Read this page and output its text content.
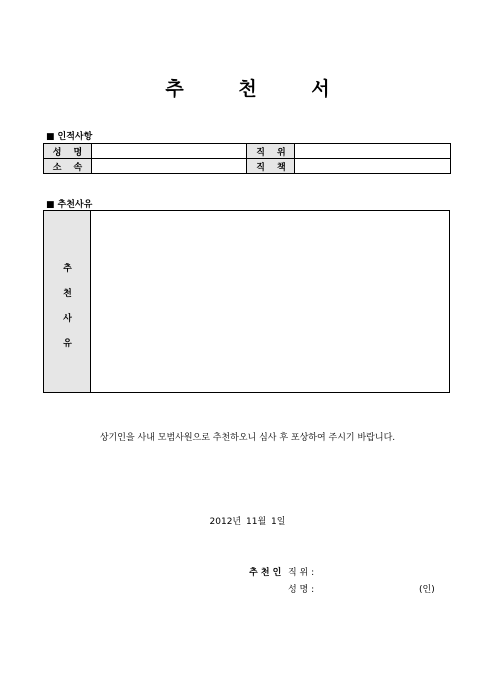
추	천	서
■ 인적사항
성 명		직 위	
소 속		직 책	
■ 추천사유
추
천
사
유
상기인을 사내 모범사원으로 추천하오니 심사 후 포상하여 주시기 바랍니다.
2012년 11월 1일
추 천 인 직 위 :
성 명 :	(인)
